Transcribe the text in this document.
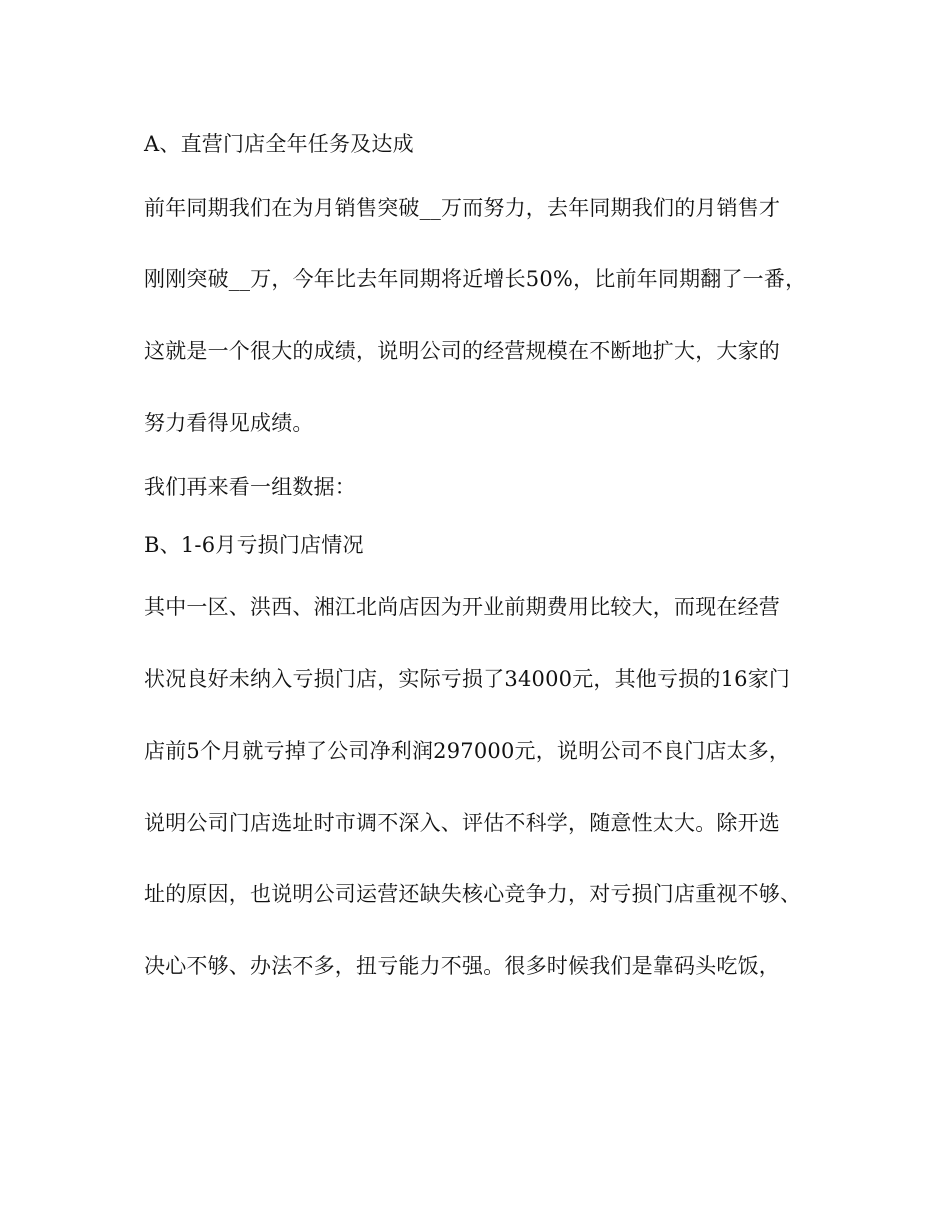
A、直营门店全年任务及达成
前年同期我们在为月销售突破__万而努力，去年同期我们的月销售才
刚刚突破__万，今年比去年同期将近增长50%，比前年同期翻了一番，
这就是一个很大的成绩，说明公司的经营规模在不断地扩大，大家的
努力看得见成绩。
我们再来看一组数据：
B、1-6月亏损门店情况
其中一区、洪西、湘江北尚店因为开业前期费用比较大，而现在经营
状况良好未纳入亏损门店，实际亏损了34000元，其他亏损的16家门
店前5个月就亏掉了公司净利润297000元，说明公司不良门店太多，
说明公司门店选址时市调不深入、评估不科学，随意性太大。除开选
址的原因，也说明公司运营还缺失核心竞争力，对亏损门店重视不够、
决心不够、办法不多，扭亏能力不强。很多时候我们是靠码头吃饭，
